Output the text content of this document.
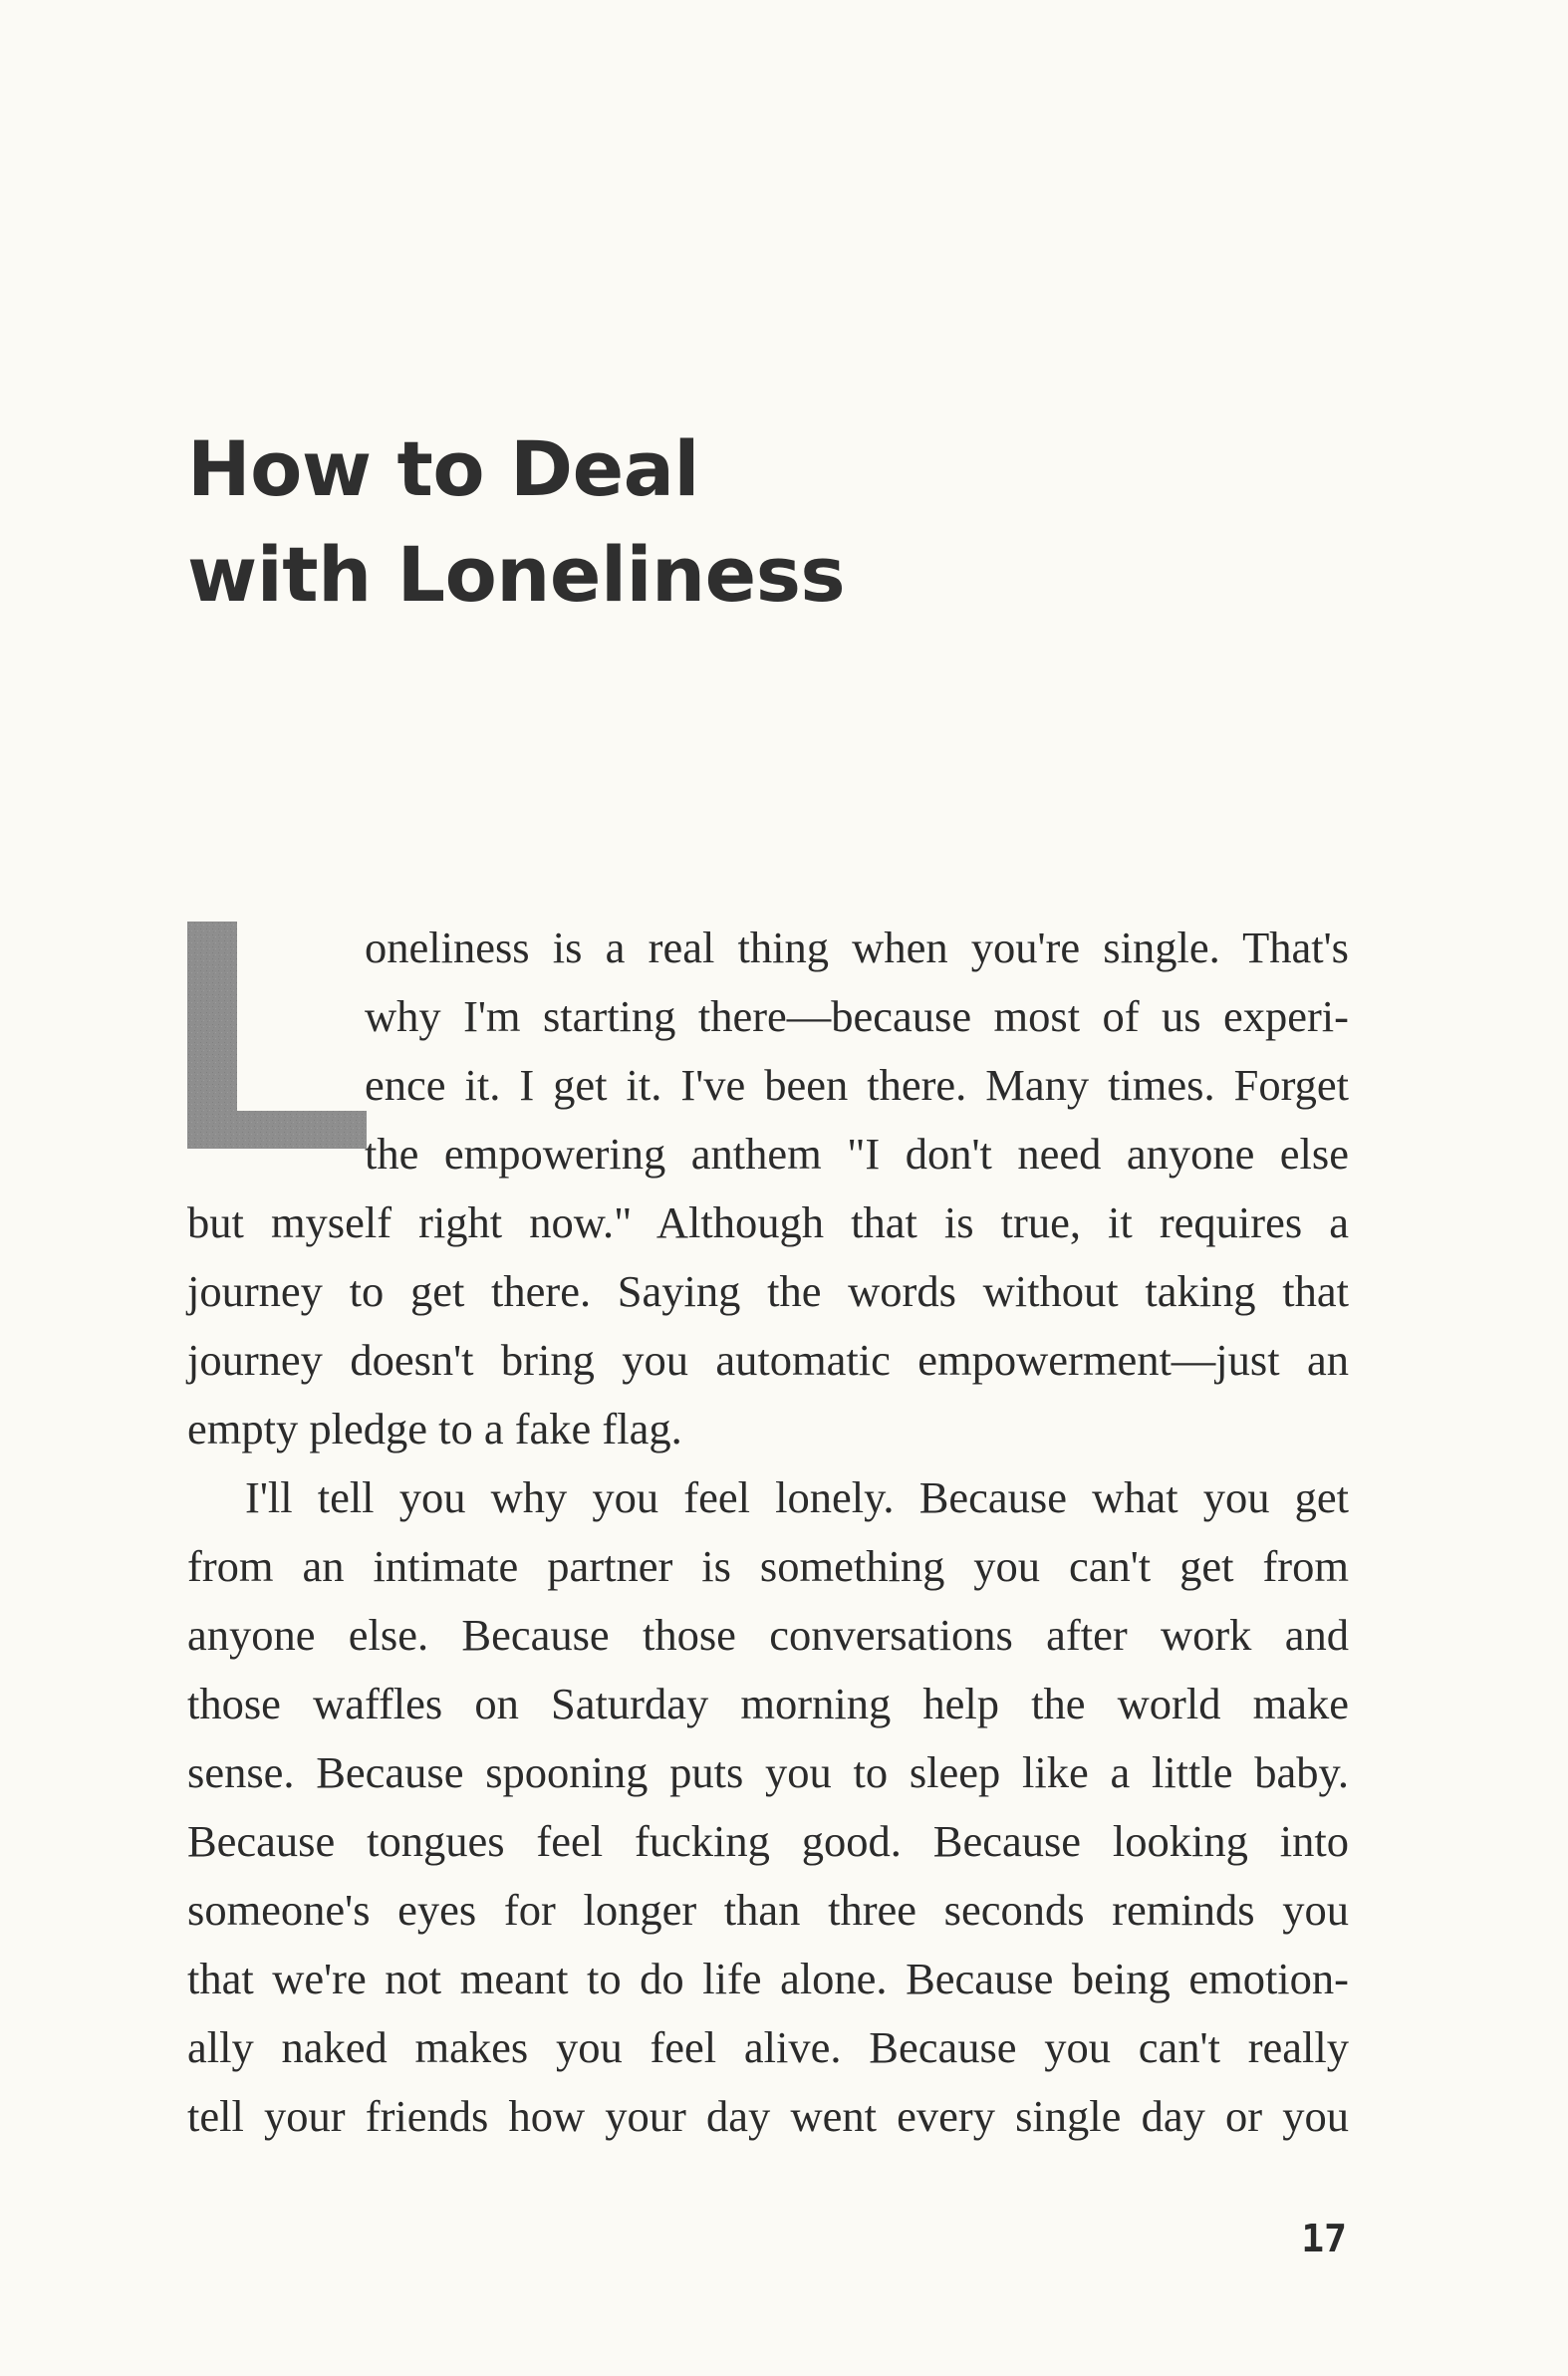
How to Deal
with Loneliness
oneliness is a real thing when you're single. That's
why I'm starting there—because most of us experi-
ence it. I get it. I've been there. Many times. Forget
the empowering anthem "I don't need anyone else
but myself right now." Although that is true, it requires a
journey to get there. Saying the words without taking that
journey doesn't bring you automatic empowerment—just an
empty pledge to a fake flag.
I'll tell you why you feel lonely. Because what you get
from an intimate partner is something you can't get from
anyone else. Because those conversations after work and
those waffles on Saturday morning help the world make
sense. Because spooning puts you to sleep like a little baby.
Because tongues feel fucking good. Because looking into
someone's eyes for longer than three seconds reminds you
that we're not meant to do life alone. Because being emotion-
ally naked makes you feel alive. Because you can't really
tell your friends how your day went every single day or you
17
